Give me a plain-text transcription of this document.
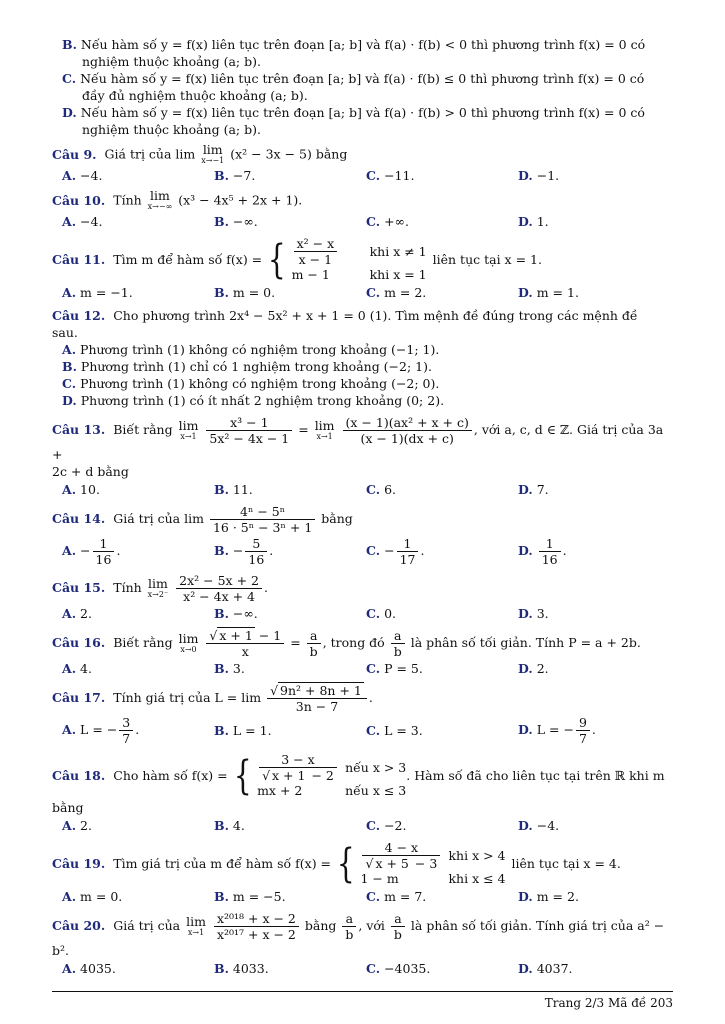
B. Nếu hàm số y = f(x) liên tục trên đoạn [a; b] và f(a) · f(b) < 0 thì phương trình f(x) = 0 có
nghiệm thuộc khoảng (a; b).
C. Nếu hàm số y = f(x) liên tục trên đoạn [a; b] và f(a) · f(b) ≤ 0 thì phương trình f(x) = 0 có
đầy đủ nghiệm thuộc khoảng (a; b).
D. Nếu hàm số y = f(x) liên tục trên đoạn [a; b] và f(a) · f(b) > 0 thì phương trình f(x) = 0 có
nghiệm thuộc khoảng (a; b).
Câu 9. Giá trị của lim lim
x→−1 (x² − 3x − 5) bằng
A. −4.	B. −7.	C. −11.	D. −1.
Câu 10. Tính lim
x→−∞ (x³ − 4x⁵ + 2x + 1).
A. −4.	B. −∞.	C. +∞.	D. 1.
Câu 11. Tìm m để hàm số f(x) = { $\frac{\text{x² − x}}{x - 1}$	khi x ≠ 1
m − 1	khi x = 1
liên tục tại x = 1.
A. m = −1.	B. m = 0.	C. m = 2.	D. m = 1.
Câu 12. Cho phương trình 2x⁴ − 5x² + x + 1 = 0 (1). Tìm mệnh đề đúng trong các mệnh đề
sau.
A. Phương trình (1) không có nghiệm trong khoảng (−1; 1).
B. Phương trình (1) chỉ có 1 nghiệm trong khoảng (−2; 1).
C. Phương trình (1) không có nghiệm trong khoảng (−2; 0).
D. Phương trình (1) có ít nhất 2 nghiệm trong khoảng (0; 2).
Câu 13. Biết rằng lim
x→1
$\frac{\text{x³ − 1}}{\text{5x² − 4x − 1}} = \lim$
x→1
$\frac{\text{(x − 1)(ax² + x + c)}}{(x - 1)(dx + c)}$ , với a, c, d ∈ ℤ. Giá trị của 3a +
2c + d bằng
A. 10.	B. 11.	C. 6.	D. 7.
Câu 14. Giá trị của $\lim \frac{\text{4ⁿ − 5ⁿ}}{\text{16 · 5ⁿ − 3ⁿ + 1}}$ bằng
A. − $\frac{1}{16}$ .	B. − $\frac{5}{16}$ .	C. − $\frac{1}{17}$ .	D. $\frac{1}{16}$ .
Câu 15. Tính lim
x→2⁻
$\frac{\text{2x² − 5x + 2}}{\text{x² − 4x + 4}}$ .
A. 2.	B. −∞.	C. 0.	D. 3.
Câu 16. Biết rằng lim
x→0
$\frac{√ x + 1 - 1}{x} = \frac{a}{b}$ , trong đó $\frac{a}{b}$ là phân số tối giản. Tính P = a + 2b.
A. 4.	B. 3.	C. P = 5.	D. 2.
Câu 17. Tính giá trị của $L = \lim \frac{\text{√ 9n² + 8n + 1}}{3n - 7}$ .
A. L = − $\frac{3}{7}$ .	B. L = 1.	C. L = 3.	D. L = − $\frac{9}{7}$ .
Câu 18. Cho hàm số f(x) = { $\frac{3 - x}{√ x + 1 - 2}$ nếu x > 3
mx + 2	nếu x ≤ 3
. Hàm số đã cho liên tục tại trên ℝ khi m
bằng
A. 2.	B. 4.	C. −2.	D. −4.
Câu 19. Tìm giá trị của m để hàm số f(x) = { $\frac{4 - x}{√ x + 5 - 3}$ khi x > 4
1 − m	khi x ≤ 4
liên tục tại x = 4.
A. m = 0.	B. m = −5.	C. m = 7.	D. m = 2.
Câu 20. Giá trị của lim
x→1
$\frac{\text{x²⁰¹⁸ + x − 2}}{\text{x²⁰¹⁷ + x − 2}}$ bằng $\frac{a}{b}$ , với $\frac{a}{b}$ là phân số tối giản. Tính giá trị của a² − b².
A. 4035.	B. 4033.	C. −4035.	D. 4037.
Trang 2/3 Mã đề 203
